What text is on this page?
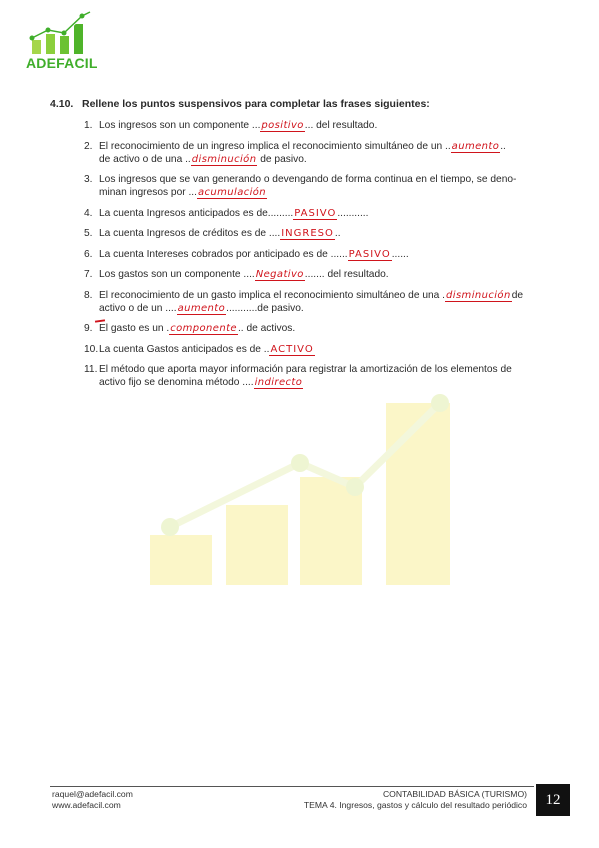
ADEFACIL
4.10. Rellene los puntos suspensivos para completar las frases siguientes:
1. Los ingresos son un componente ...positivo... del resultado.
2. El reconocimiento de un ingreso implica el reconocimiento simultáneo de un ..aumento..
de activo o de una ..disminución de pasivo.
3. Los ingresos que se van generando o devengando de forma continua en el tiempo, se deno-
minan ingresos por ...acumulación
4. La cuenta Ingresos anticipados es de.........PASIVO...........
5. La cuenta Ingresos de créditos es de ....INGRESO..
6. La cuenta Intereses cobrados por anticipado es de ......PASIVO......
7. Los gastos son un componente ....Negativo....... del resultado.
8. El reconocimiento de un gasto implica el reconocimiento simultáneo de una .disminuciónde
activo o de un ....aumento...........de pasivo.
9. El gasto es un .componente.. de activos.
10. La cuenta Gastos anticipados es de ..ACTIVO
11. El método que aporta mayor información para registrar la amortización de los elementos de
activo fijo se denomina método ....indirecto
raquel@adefacil.com
www.adefacil.com
CONTABILIDAD BÁSICA (TURISMO)
TEMA 4. Ingresos, gastos y cálculo del resultado periódico	12
